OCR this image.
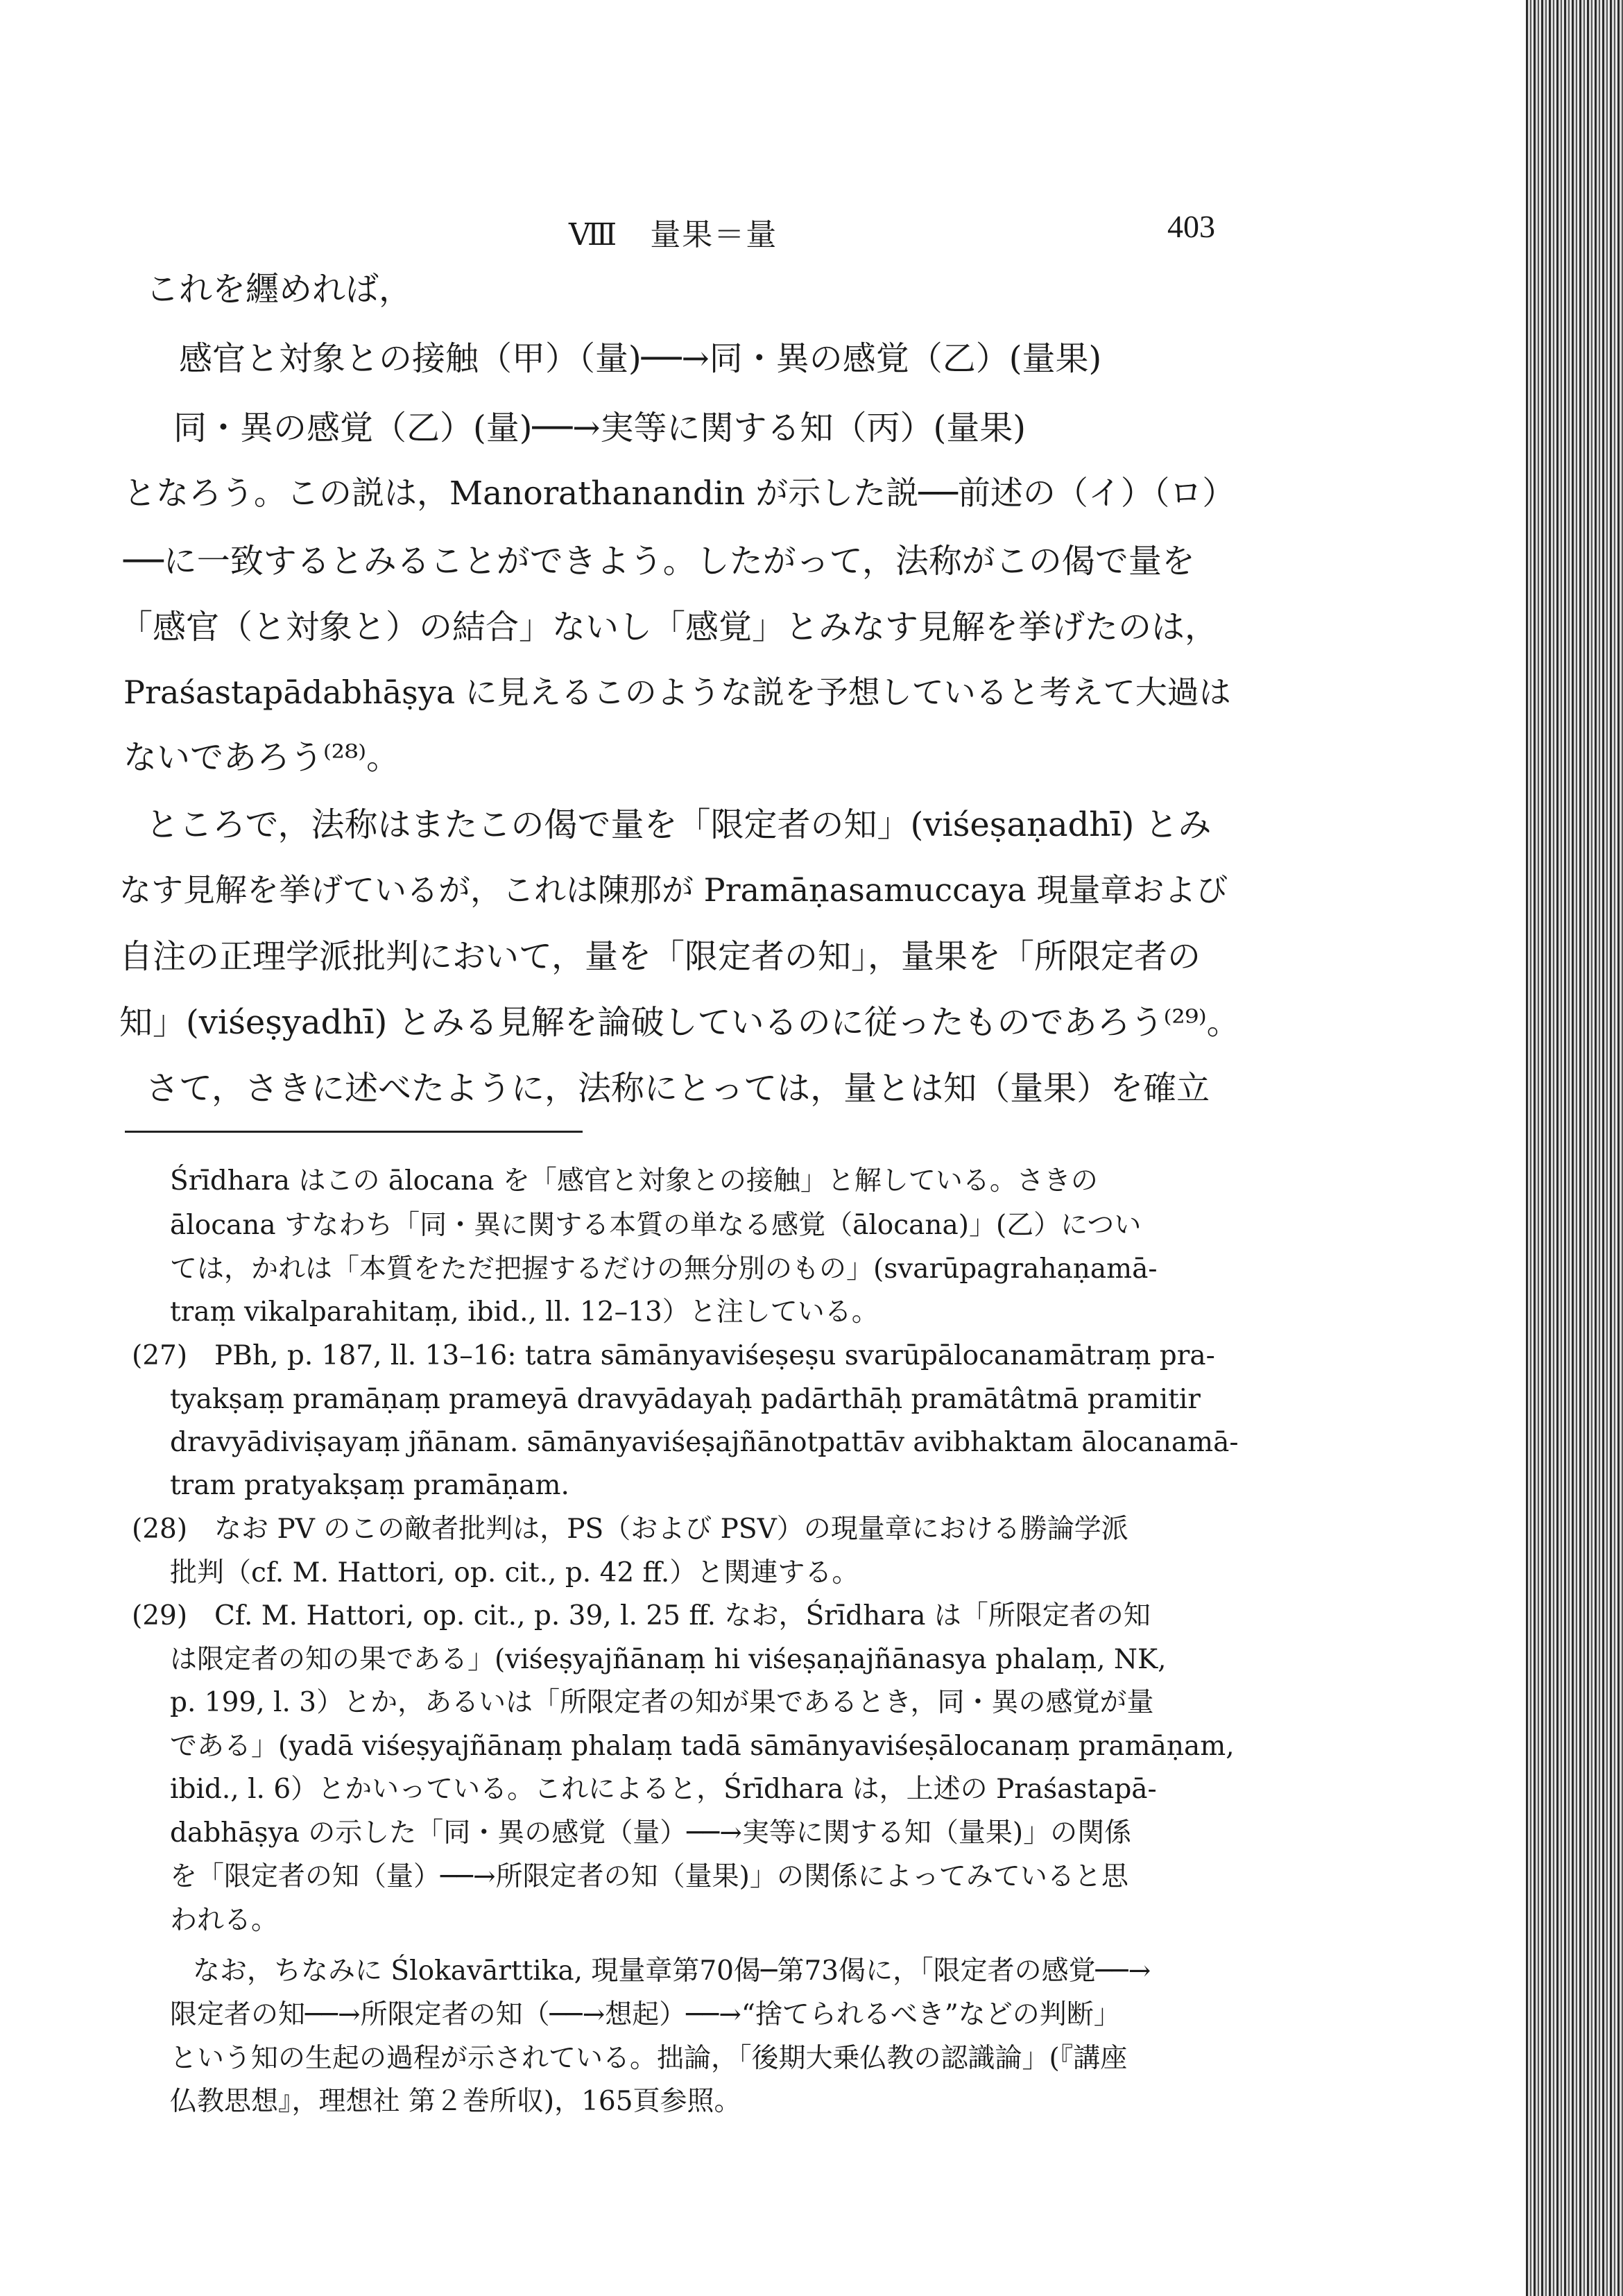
Ⅷ　量果＝量	403
これを纒めれば，
感官と対象との接触（甲）（量)──→同・異の感覚（乙）(量果)
同・異の感覚（乙）(量)──→実等に関する知（丙）(量果)
となろう。この説は，Manorathanandin が示した説──前述の（イ）（ロ）
──に一致するとみることができよう。したがって，法称がこの偈で量を
「感官（と対象と）の結合」ないし「感覚」とみなす見解を挙げたのは，
Praśastapādabhāṣya に見えるこのような説を予想していると考えて大過は
ないであろう⁽²⁸⁾。
ところで，法称はまたこの偈で量を「限定者の知」(viśeṣaṇadhī) とみ
なす見解を挙げているが，これは陳那が Pramāṇasamuccaya 現量章および
自注の正理学派批判において，量を「限定者の知」，量果を「所限定者の
知」(viśeṣyadhī) とみる見解を論破しているのに従ったものであろう⁽²⁹⁾。
さて，さきに述べたように，法称にとっては，量とは知（量果）を確立
Śrīdhara はこの ālocana を「感官と対象との接触」と解している。さきの
ālocana すなわち「同・異に関する本質の単なる感覚（ālocana)」(乙）につい
ては，かれは「本質をただ把握するだけの無分別のもの」(svarūpagrahaṇamā-
traṃ vikalparahitaṃ, ibid., ll. 12–13）と注している。
(27)　PBh, p. 187, ll. 13–16: tatra sāmānyaviśeṣeṣu svarūpālocanamātraṃ pra-
tyakṣaṃ pramāṇaṃ prameyā dravyādayaḥ padārthāḥ pramātâtmā pramitir
dravyādiviṣayaṃ jñānam. sāmānyaviśeṣajñānotpattāv avibhaktam ālocanamā-
tram pratyakṣaṃ pramāṇam.
(28)　なお PV のこの敵者批判は，PS（および PSV）の現量章における勝論学派
批判（cf. M. Hattori, op. cit., p. 42 ff.）と関連する。
(29)　Cf. M. Hattori, op. cit., p. 39, l. 25 ff. なお，Śrīdhara は「所限定者の知
は限定者の知の果である」(viśeṣyajñānaṃ hi viśeṣaṇajñānasya phalaṃ, NK,
p. 199, l. 3）とか，あるいは「所限定者の知が果であるとき，同・異の感覚が量
である」(yadā viśeṣyajñānaṃ phalaṃ tadā sāmānyaviśeṣālocanaṃ pramāṇam,
ibid., l. 6）とかいっている。これによると，Śrīdhara は，上述の Praśastapā-
dabhāṣya の示した「同・異の感覚（量）──→実等に関する知（量果)」の関係
を「限定者の知（量）──→所限定者の知（量果)」の関係によってみていると思
われる。
なお，ちなみに Ślokavārttika, 現量章第70偈─第73偈に，「限定者の感覚──→
限定者の知──→所限定者の知（──→想起）──→“捨てられるべき”などの判断」
という知の生起の過程が示されている。拙論，「後期大乗仏教の認識論」(『講座
仏教思想』，理想社 第２巻所収)，165頁参照。
